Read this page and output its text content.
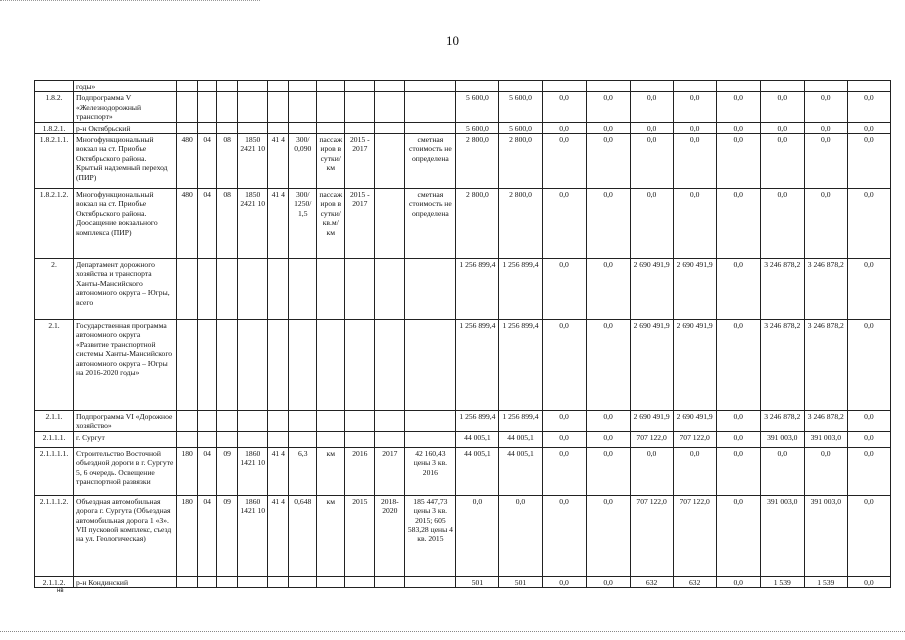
10
	годы»																				
1.8.2.	Подпрограмма V «Железнодорожный транспорт»											5 600,0	5 600,0	0,0	0,0	0,0	0,0	0,0	0,0	0,0	0,0
1.8.2.1.	р-н Октябрьский											5 600,0	5 600,0	0,0	0,0	0,0	0,0	0,0	0,0	0,0	0,0
1.8.2.1.1.	Многофункциональный вокзал на ст. Приобье Октябрьского района. Крытый надземный переход (ПИР)	480	04	08	1850 2421 10	41 4	300/ 0,090	пассажиров в сутки/ км	2015 - 2017		сметная стоимость не определена	2 800,0	2 800,0	0,0	0,0	0,0	0,0	0,0	0,0	0,0	0,0
1.8.2.1.2.	Многофункциональный вокзал на ст. Приобье Октябрьского района. Доосащение вокзального комплекса (ПИР)	480	04	08	1850 2421 10	41 4	300/ 1250/ 1,5	пассажиров в сутки/ кв.м/ км	2015 - 2017		сметная стоимость не определена	2 800,0	2 800,0	0,0	0,0	0,0	0,0	0,0	0,0	0,0	0,0
2.	Департамент дорожного хозяйства и транспорта Ханты-Мансийского автономного округа – Югры, всего											1 256 899,4	1 256 899,4	0,0	0,0	2 690 491,9	2 690 491,9	0,0	3 246 878,2	3 246 878,2	0,0
2.1.	Государственная программа автономного округа «Развитие транспортной системы Ханты-Мансийского автономного округа – Югры на 2016-2020 годы»											1 256 899,4	1 256 899,4	0,0	0,0	2 690 491,9	2 690 491,9	0,0	3 246 878,2	3 246 878,2	0,0
2.1.1.	Подпрограмма VI «Дорожное хозяйство»											1 256 899,4	1 256 899,4	0,0	0,0	2 690 491,9	2 690 491,9	0,0	3 246 878,2	3 246 878,2	0,0
2.1.1.1.	г. Сургут											44 005,1	44 005,1	0,0	0,0	707 122,0	707 122,0	0,0	391 003,0	391 003,0	0,0
2.1.1.1.1.	Строительство Восточной объездной дороги в г. Сургуте 5, 6 очередь. Освещение транспортной развязки	180	04	09	1860 1421 10	41 4	6,3	км	2016	2017	42 160,43 цены 3 кв. 2016	44 005,1	44 005,1	0,0	0,0	0,0	0,0	0,0	0,0	0,0	0,0
2.1.1.1.2.	Объездная автомобильная дорога г. Сургута (Объездная автомобильная дорога 1 «З». VII пусковой комплекс, съезд на ул. Геологическая)	180	04	09	1860 1421 10	41 4	0,648	км	2015	2018-2020	185 447,73 цены 3 кв. 2015; 605 583,28 цены 4 кв. 2015	0,0	0,0	0,0	0,0	707 122,0	707 122,0	0,0	391 003,0	391 003,0	0,0
2.1.1.2.	р-н Кондинский											501	501	0,0	0,0	632	632	0,0	1 539	1 539	0,0
нв
